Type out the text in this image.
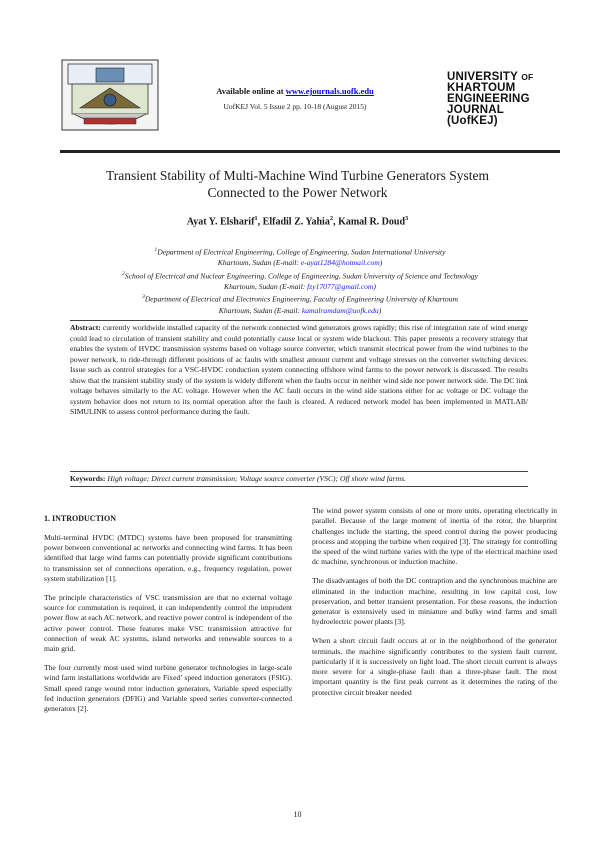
Available online at www.ejournals.uofk.edu

UofKEJ Vol. 5 Issue 2 pp. 10-18 (August 2015)

UNIVERSITY OF
KHARTOUM
ENGINEERING
JOURNAL
(UofKEJ)
Transient Stability of Multi-Machine Wind Turbine Generators System
Connected to the Power Network
Ayat Y. Elsharif$^1$, Elfadil Z. Yahia$^2$, Kamal R. Doud$^3$
$^1$Department of Electrical Engineering, College of Engineering, Sudan International University
Khartoum, Sudan (E-mail: e-ayat1284@hotmail.com)
$^2$School of Electrical and Nuclear Engineering, College of Engineering, Sudan University of Science and Technology
Khartoum, Sudan (E-mail: fzy17077@gmail.com)
$^3$Department of Electrical and Electronics Engineering, Faculty of Engineering University of Khartoum
Khartoum, Sudan (E-mail: kamalramdam@uofk.edu)
Abstract: currently worldwide installed capacity of the network connected wind generators grows rapidly; this rise of integration rate of wind energy could lead to circulation of transient stability and could potentially cause local or system wide blackout. This paper presents a recovery strategy that enables the system of HVDC transmission systems based on voltage source converter, which transmit electrical power from the wind turbines to the power network, to ride-through different positions of ac faults with smallest amount current and voltage stresses on the converter switching devices. Issue such as control strategies for a VSC-HVDC conduction system connecting offshore wind farms to the power network is discussed. The results show that the transient stability study of the system is widely different when the faults occur in neither wind side nor power network side. The DC link voltage behaves similarly to the AC voltage. However when the AC fault occurs in the wind side stations either for ac voltage or DC voltage the system behavior does not return to its normal operation after the fault is cleared. A reduced network model has been implemented in MATLAB/ SIMULINK to assess control performance during the fault.
Keywords: High voltage; Direct current transmission; Voltage source converter (VSC); Off shore wind farms.

1. INTRODUCTION

Multi-terminal HVDC (MTDC) systems have been proposed for transmitting power between conventional ac networks and connecting wind farms. It has been identified that large wind farms can potentially provide significant contributions to transmission set of connections operation, e.g., frequency regulation, power system stabilization [1].

The principle characteristics of VSC transmission are that no external voltage source for commutation is required, it can independently control the imprudent power flow at each AC network, and reactive power control is independent of the active power control. These features make VSC transmission attractive for connection of weak AC systems, island networks and renewable sources to a main grid.

The four currently most used wind turbine generator technologies in large-scale wind farm installations worldwide are Fixed’ speed induction generators (FSIG). Small speed range wound rotor induction generators, Variable speed especially fed induction generators (DFIG) and Variable speed series converter-connected generators [2].

The wind power system consists of one or more units, operating electrically in parallel. Because of the large moment of inertia of the rotor, the blueprint challenges include the starting, the speed control during the power producing process and stopping the turbine when required [3]. The strategy for controlling the speed of the wind turbine varies with the type of the electrical machine used dc machine, synchronous or induction machine.

The disadvantages of both the DC contraption and the synchronous machine are eliminated in the induction machine, resulting in low capital cost, low preservation, and better transient presentation. For these reasons, the induction generator is extensively used in miniature and bulky wind farms and small hydroelectric power plants [3].

When a short circuit fault occurs at or in the neighborhood of the generator terminals, the machine significantly contributes to the system fault current, particularly if it is successively on light load. The short circuit current is always more severe for a single-phase fault than a three-phase fault. The most important quantity is the first peak current as it determines the rating of the protective circuit breaker needed

10
